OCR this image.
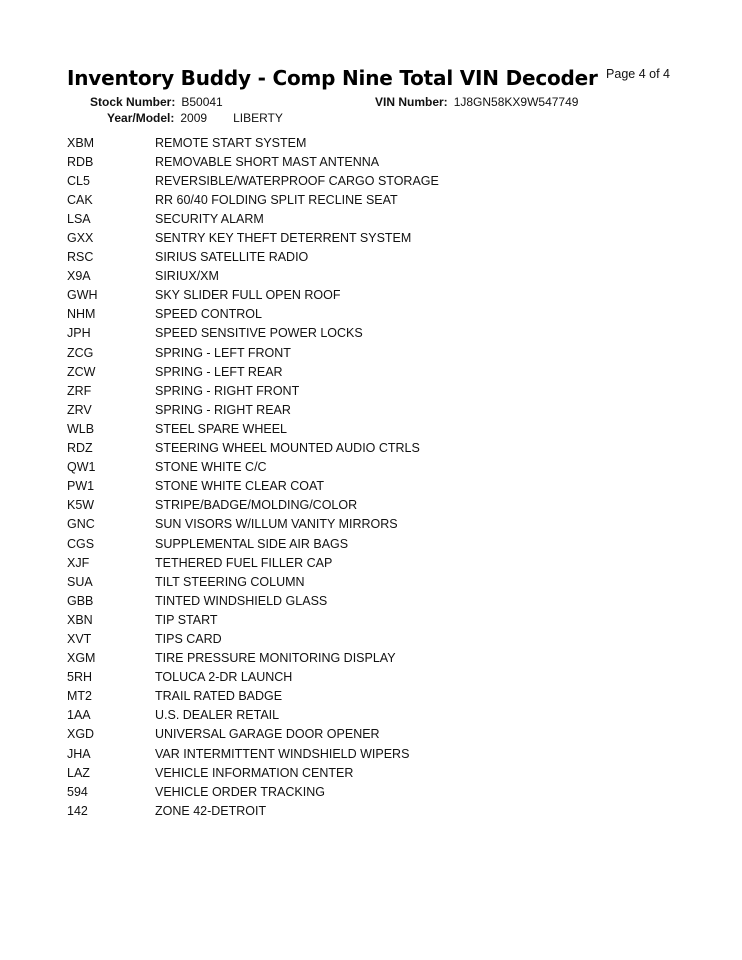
Inventory Buddy - Comp Nine Total VIN Decoder Page 4 of 4
Stock Number: B50041	VIN Number: 1J8GN58KX9W547749
Year/Model: 2009 LIBERTY
XBM	REMOTE START SYSTEM
RDB	REMOVABLE SHORT MAST ANTENNA
CL5	REVERSIBLE/WATERPROOF CARGO STORAGE
CAK	RR 60/40 FOLDING SPLIT RECLINE SEAT
LSA	SECURITY ALARM
GXX	SENTRY KEY THEFT DETERRENT SYSTEM
RSC	SIRIUS SATELLITE RADIO
X9A	SIRIUX/XM
GWH	SKY SLIDER FULL OPEN ROOF
NHM	SPEED CONTROL
JPH	SPEED SENSITIVE POWER LOCKS
ZCG	SPRING - LEFT FRONT
ZCW	SPRING - LEFT REAR
ZRF	SPRING - RIGHT FRONT
ZRV	SPRING - RIGHT REAR
WLB	STEEL SPARE WHEEL
RDZ	STEERING WHEEL MOUNTED AUDIO CTRLS
QW1	STONE WHITE C/C
PW1	STONE WHITE CLEAR COAT
K5W	STRIPE/BADGE/MOLDING/COLOR
GNC	SUN VISORS W/ILLUM VANITY MIRRORS
CGS	SUPPLEMENTAL SIDE AIR BAGS
XJF	TETHERED FUEL FILLER CAP
SUA	TILT STEERING COLUMN
GBB	TINTED WINDSHIELD GLASS
XBN	TIP START
XVT	TIPS CARD
XGM	TIRE PRESSURE MONITORING DISPLAY
5RH	TOLUCA 2-DR LAUNCH
MT2	TRAIL RATED BADGE
1AA	U.S. DEALER RETAIL
XGD	UNIVERSAL GARAGE DOOR OPENER
JHA	VAR INTERMITTENT WINDSHIELD WIPERS
LAZ	VEHICLE INFORMATION CENTER
594	VEHICLE ORDER TRACKING
142	ZONE 42-DETROIT
